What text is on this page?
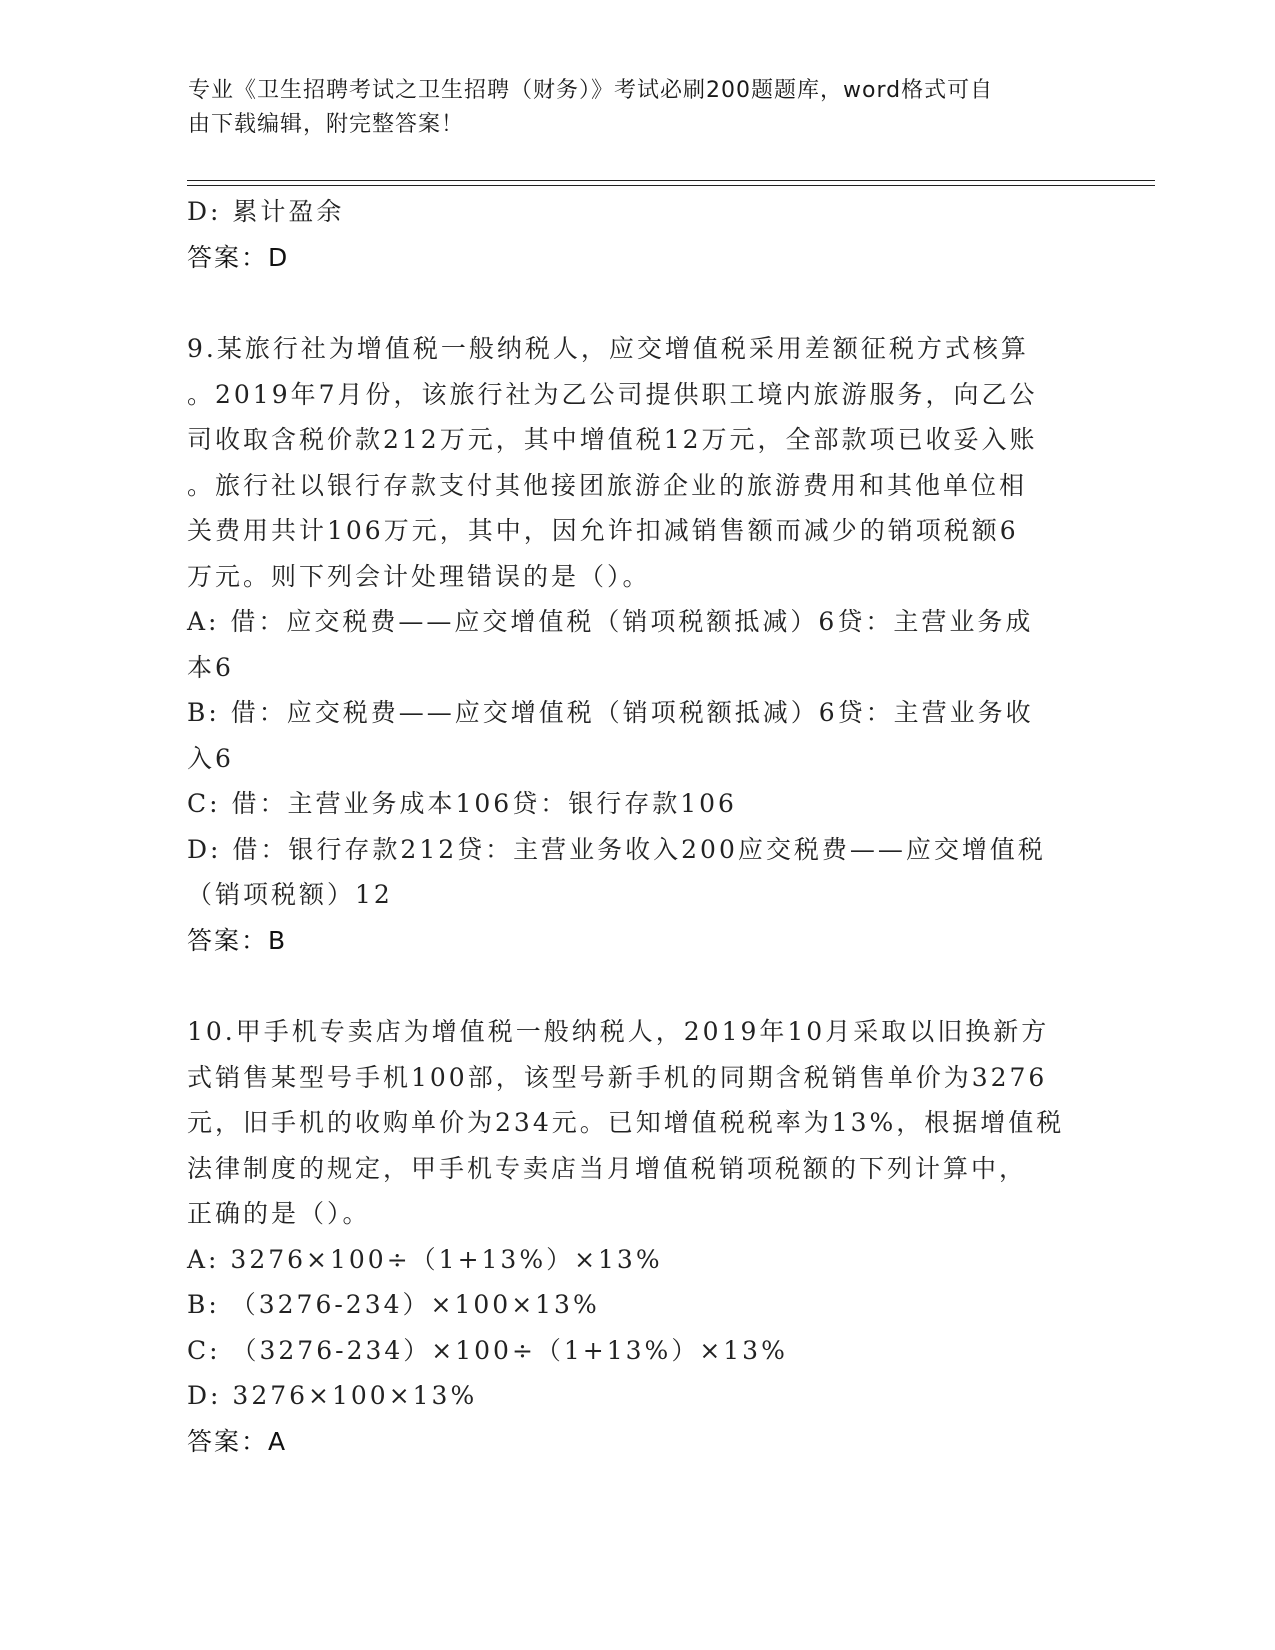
专业《卫生招聘考试之卫生招聘（财务）》考试必刷200题题库，word格式可自
由下载编辑，附完整答案！
D: 累计盈余
答案：D
9.某旅行社为增值税一般纳税人，应交增值税采用差额征税方式核算
。2019年7月份，该旅行社为乙公司提供职工境内旅游服务，向乙公
司收取含税价款212万元，其中增值税12万元，全部款项已收妥入账
。旅行社以银行存款支付其他接团旅游企业的旅游费用和其他单位相
关费用共计106万元，其中，因允许扣减销售额而减少的销项税额6
万元。则下列会计处理错误的是（）。
A: 借：应交税费——应交增值税（销项税额抵减）6贷：主营业务成
本6
B: 借：应交税费——应交增值税（销项税额抵减）6贷：主营业务收
入6
C: 借：主营业务成本106贷：银行存款106
D: 借：银行存款212贷：主营业务收入200应交税费——应交增值税
（销项税额）12
答案：B
10.甲手机专卖店为增值税一般纳税人，2019年10月采取以旧换新方
式销售某型号手机100部，该型号新手机的同期含税销售单价为3276
元，旧手机的收购单价为234元。已知增值税税率为13%，根据增值税
法律制度的规定，甲手机专卖店当月增值税销项税额的下列计算中，
正确的是（）。
A: 3276×100÷（1+13%）×13%
B: （3276-234）×100×13%
C: （3276-234）×100÷（1+13%）×13%
D: 3276×100×13%
答案：A
